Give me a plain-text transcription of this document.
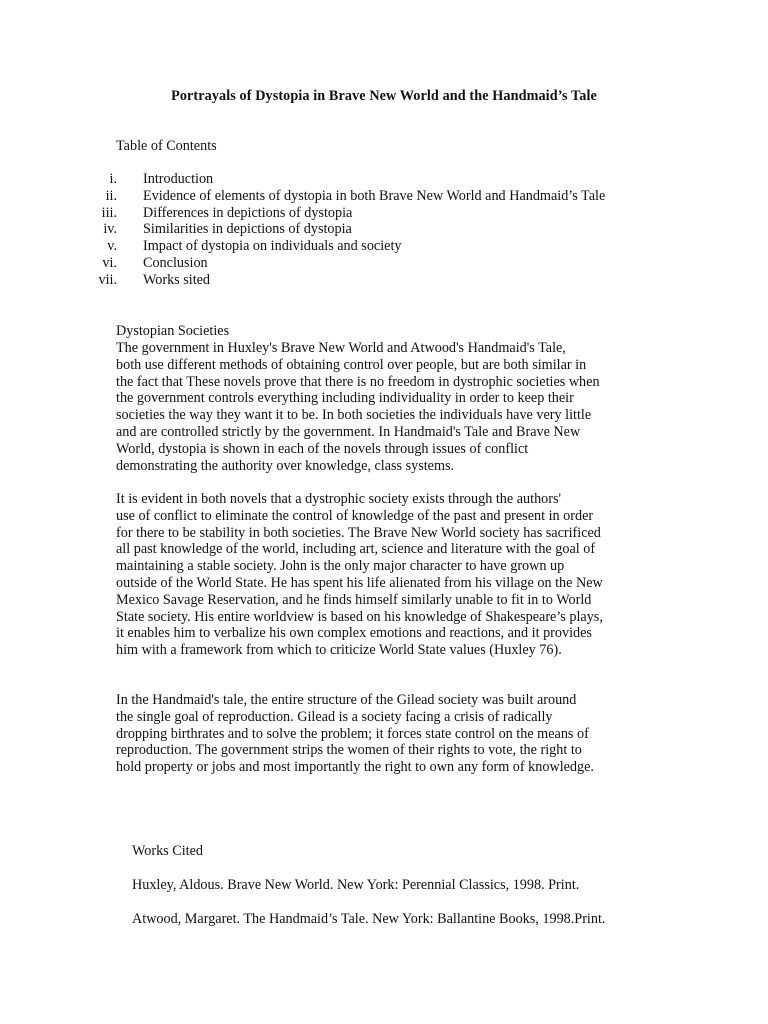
Portrayals of Dystopia in Brave New World and the Handmaid’s Tale
Table of Contents
i. Introduction
ii. Evidence of elements of dystopia in both Brave New World and Handmaid’s Tale
iii. Differences in depictions of dystopia
iv. Similarities in depictions of dystopia
v. Impact of dystopia on individuals and society
vi. Conclusion
vii. Works sited
Dystopian Societies

The government in Huxley's Brave New World and Atwood's Handmaid's Tale,
both use different methods of obtaining control over people, but are both similar in
the fact that These novels prove that there is no freedom in dystrophic societies when
the government controls everything including individuality in order to keep their
societies the way they want it to be. In both societies the individuals have very little
and are controlled strictly by the government. In Handmaid's Tale and Brave New
World, dystopia is shown in each of the novels through issues of conflict
demonstrating the authority over knowledge, class systems.

It is evident in both novels that a dystrophic society exists through the authors'
use of conflict to eliminate the control of knowledge of the past and present in order
for there to be stability in both societies. The Brave New World society has sacrificed
all past knowledge of the world, including art, science and literature with the goal of
maintaining a stable society. John is the only major character to have grown up
outside of the World State. He has spent his life alienated from his village on the New
Mexico Savage Reservation, and he finds himself similarly unable to fit in to World
State society. His entire worldview is based on his knowledge of Shakespeare’s plays,
it enables him to verbalize his own complex emotions and reactions, and it provides
him with a framework from which to criticize World State values (Huxley 76).

In the Handmaid's tale, the entire structure of the Gilead society was built around
the single goal of reproduction. Gilead is a society facing a crisis of radically
dropping birthrates and to solve the problem; it forces state control on the means of
reproduction. The government strips the women of their rights to vote, the right to
hold property or jobs and most importantly the right to own any form of knowledge.

Works Cited
Huxley, Aldous. Brave New World. New York: Perennial Classics, 1998. Print.
Atwood, Margaret. The Handmaid’s Tale. New York: Ballantine Books, 1998.Print.
